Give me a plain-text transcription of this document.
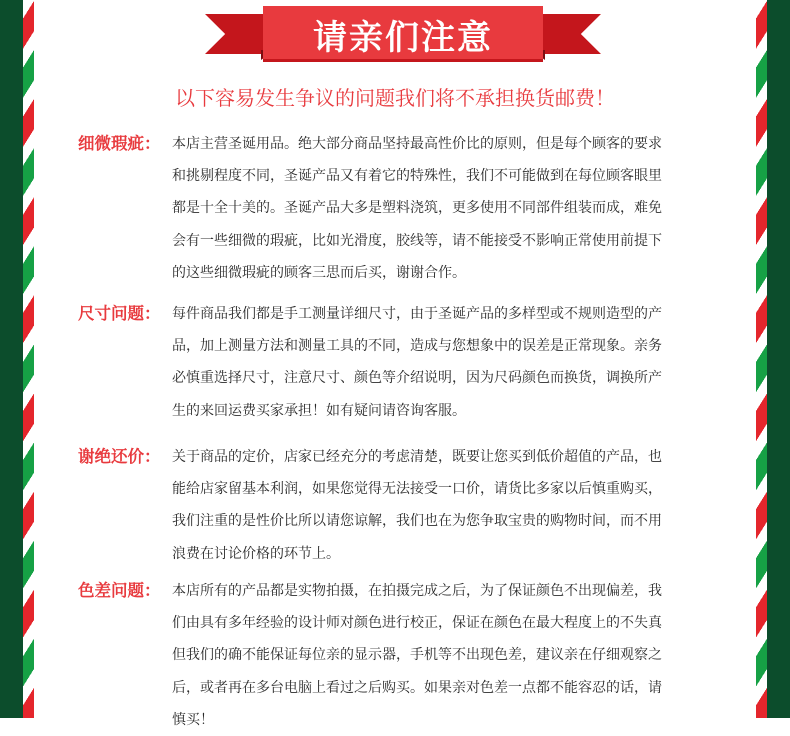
请亲们注意
以下容易发生争议的问题我们将不承担换货邮费！
细微瑕疵： 本店主营圣诞用品。绝大部分商品坚持最高性价比的原则，但是每个顾客的要求
和挑剔程度不同，圣诞产品又有着它的特殊性，我们不可能做到在每位顾客眼里
都是十全十美的。圣诞产品大多是塑料浇筑，更多使用不同部件组装而成，难免
会有一些细微的瑕疵，比如光滑度，胶线等，请不能接受不影响正常使用前提下
的这些细微瑕疵的顾客三思而后买，谢谢合作。
尺寸问题： 每件商品我们都是手工测量详细尺寸，由于圣诞产品的多样型或不规则造型的产
品，加上测量方法和测量工具的不同，造成与您想象中的误差是正常现象。亲务
必慎重选择尺寸，注意尺寸、颜色等介绍说明，因为尺码颜色而换货，调换所产
生的来回运费买家承担！如有疑问请咨询客服。
谢绝还价： 关于商品的定价，店家已经充分的考虑清楚，既要让您买到低价超值的产品，也
能给店家留基本利润，如果您觉得无法接受一口价，请货比多家以后慎重购买，
我们注重的是性价比所以请您谅解，我们也在为您争取宝贵的购物时间，而不用
浪费在讨论价格的环节上。
色差问题： 本店所有的产品都是实物拍摄，在拍摄完成之后，为了保证颜色不出现偏差，我
们由具有多年经验的设计师对颜色进行校正，保证在颜色在最大程度上的不失真
但我们的确不能保证每位亲的显示器，手机等不出现色差，建议亲在仔细观察之
后，或者再在多台电脑上看过之后购买。如果亲对色差一点都不能容忍的话，请
慎买！
